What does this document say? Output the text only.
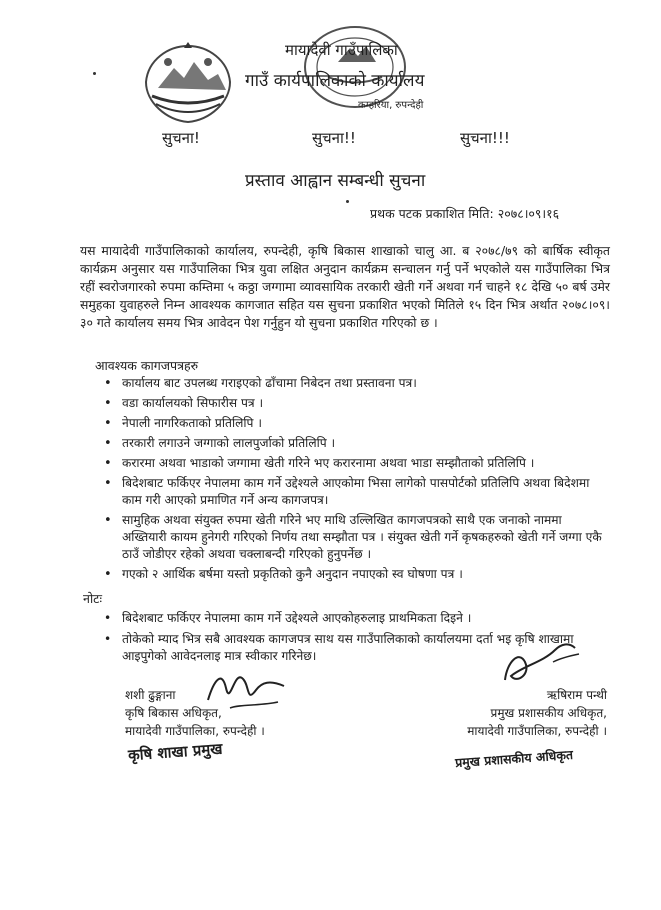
मायादेवी गाउँपालिका
गाउँ कार्यपालिकाको कार्यालय
कम्हरिया, रुपन्देही
सुचना!	सुचना!!	सुचना!!!
प्रस्ताव आह्वान सम्बन्धी सुचना
प्रथक पटक प्रकाशित मिति: २०७८।०९।१६
यस मायादेवी गाउँपालिकाको कार्यालय, रुपन्देही, कृषि बिकास शाखाको चालु आ. ब २०७८/७९ को बार्षिक स्वीकृत कार्यक्रम अनुसार यस गाउँपालिका भित्र युवा लक्षित अनुदान कार्यक्रम सन्चालन गर्नु पर्ने भएकोले यस गाउँपालिका भित्र रहीं स्वरोजगारको रुपमा कम्तिमा ५ कठ्ठा जग्गामा व्यावसायिक तरकारी खेती गर्ने अथवा गर्न चाहने १८ देखि ५० बर्ष उमेर समुहका युवाहरुले निम्न आवश्यक कागजात सहित यस सुचना प्रकाशित भएको मितिले १५ दिन भित्र अर्थात २०७८।०९।३० गते कार्यालय समय भित्र आवेदन पेश गर्नुहुन यो सुचना प्रकाशित गरिएको छ ।
आवश्यक कागजपत्रहरु
• कार्यालय बाट उपलब्ध गराइएको ढाँचामा निबेदन तथा प्रस्तावना पत्र।
• वडा कार्यालयको सिफारीस पत्र ।
• नेपाली नागरिकताको प्रतिलिपि ।
• तरकारी लगाउने जग्गाको लालपुर्जाको प्रतिलिपि ।
• करारमा अथवा भाडाको जग्गामा खेती गरिने भए करारनामा अथवा भाडा सम्झौताको प्रतिलिपि ।
• बिदेशबाट फर्किएर नेपालमा काम गर्ने उद्देश्यले आएकोमा भिसा लागेको पासपोर्टको प्रतिलिपि अथवा बिदेशमा काम गरी आएको प्रमाणित गर्ने अन्य कागजपत्र।
• सामुहिक अथवा संयुक्त रुपमा खेती गरिने भए माथि उल्लिखित कागजपत्रको साथै एक जनाको नाममा अख्तियारी कायम हुनेगरी गरिएको निर्णय तथा सम्झौता पत्र । संयुक्त खेती गर्ने कृषकहरुको खेती गर्ने जग्गा एकै ठाउँ जोडीएर रहेको अथवा चक्लाबन्दी गरिएको हुनुपर्नेछ ।
• गएको २ आर्थिक बर्षमा यस्तो प्रकृतिको कुनै अनुदान नपाएको स्व घोषणा पत्र ।
नोटः
• बिदेशबाट फर्किएर नेपालमा काम गर्ने उद्देश्यले आएकोहरुलाइ प्राथमिकता दिइने ।
• तोकेको म्याद भित्र सबै आवश्यक कागजपत्र साथ यस गाउँपालिकाको कार्यालयमा दर्ता भइ कृषि शाखामा आइपुगेको आवेदनलाइ मात्र स्वीकार गरिनेछ।
शशी ढुङ्गाना
कृषि बिकास अधिकृत,
मायादेवी गाउँपालिका, रुपन्देही ।
कृषि शाखा प्रमुख
ऋषिराम पन्थी
प्रमुख प्रशासकीय अधिकृत,
मायादेवी गाउँपालिका, रुपन्देही ।
प्रमुख प्रशासकीय अधिकृत
